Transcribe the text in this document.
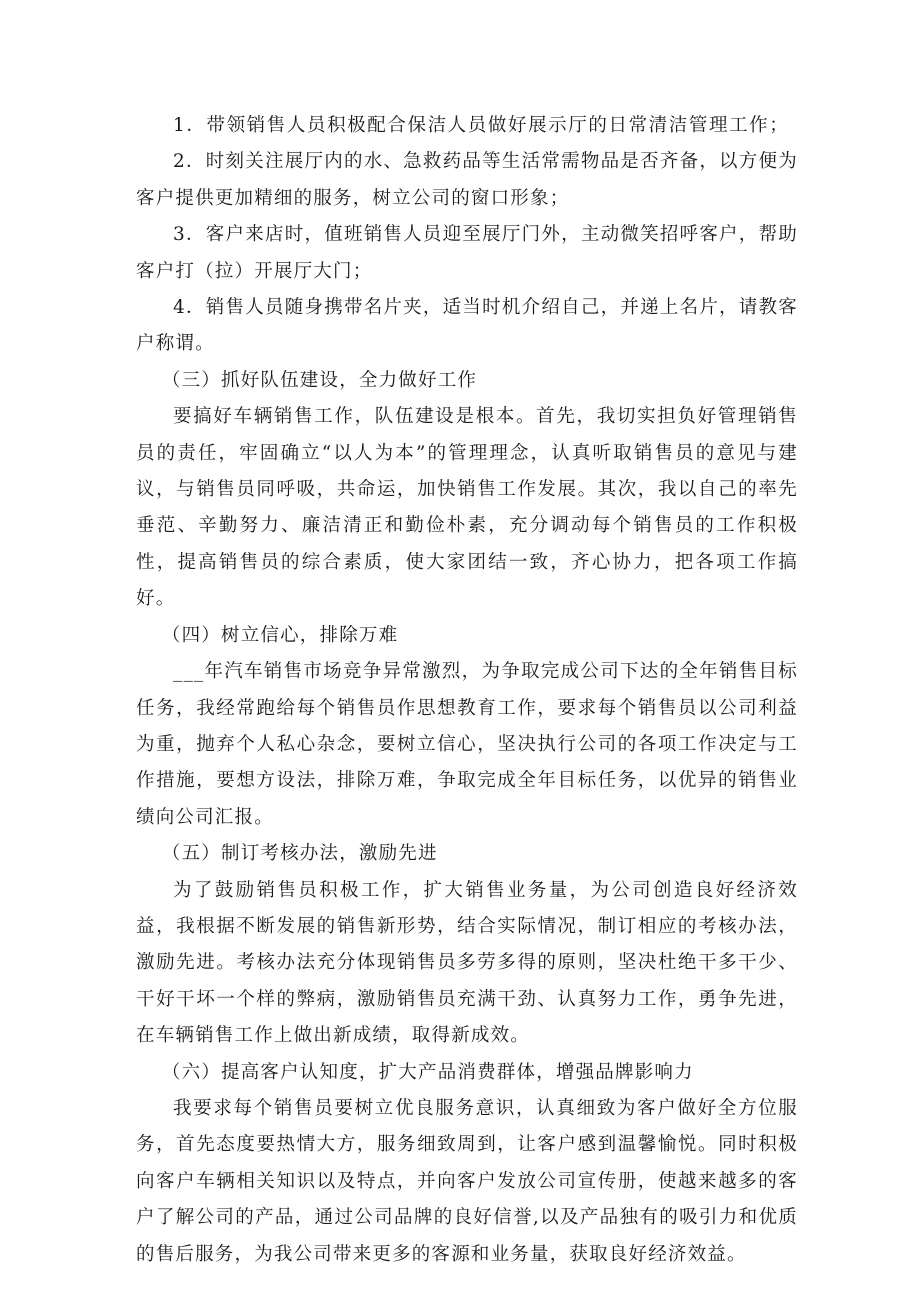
1．带领销售人员积极配合保洁人员做好展示厅的日常清洁管理工作；

2．时刻关注展厅内的水、急救药品等生活常需物品是否齐备，以方便为客户提供更加精细的服务，树立公司的窗口形象；

3．客户来店时，值班销售人员迎至展厅门外，主动微笑招呼客户，帮助客户打（拉）开展厅大门；

4．销售人员随身携带名片夹，适当时机介绍自己，并递上名片，请教客户称谓。

（三）抓好队伍建设，全力做好工作

要搞好车辆销售工作，队伍建设是根本。首先，我切实担负好管理销售员的责任，牢固确立“以人为本”的管理理念，认真听取销售员的意见与建议，与销售员同呼吸，共命运，加快销售工作发展。其次，我以自己的率先垂范、辛勤努力、廉洁清正和勤俭朴素，充分调动每个销售员的工作积极性，提高销售员的综合素质，使大家团结一致，齐心协力，把各项工作搞好。

（四）树立信心，排除万难

___年汽车销售市场竞争异常激烈，为争取完成公司下达的全年销售目标任务，我经常跑给每个销售员作思想教育工作，要求每个销售员以公司利益为重，抛弃个人私心杂念，要树立信心，坚决执行公司的各项工作决定与工作措施，要想方设法，排除万难，争取完成全年目标任务，以优异的销售业绩向公司汇报。

（五）制订考核办法，激励先进

为了鼓励销售员积极工作，扩大销售业务量，为公司创造良好经济效益，我根据不断发展的销售新形势，结合实际情况，制订相应的考核办法，激励先进。考核办法充分体现销售员多劳多得的原则，坚决杜绝干多干少、干好干坏一个样的弊病，激励销售员充满干劲、认真努力工作，勇争先进，在车辆销售工作上做出新成绩，取得新成效。

（六）提高客户认知度，扩大产品消费群体，增强品牌影响力

我要求每个销售员要树立优良服务意识，认真细致为客户做好全方位服务，首先态度要热情大方，服务细致周到，让客户感到温馨愉悦。同时积极向客户车辆相关知识以及特点，并向客户发放公司宣传册，使越来越多的客户了解公司的产品，通过公司品牌的良好信誉,以及产品独有的吸引力和优质的售后服务，为我公司带来更多的客源和业务量，获取良好经济效益。
